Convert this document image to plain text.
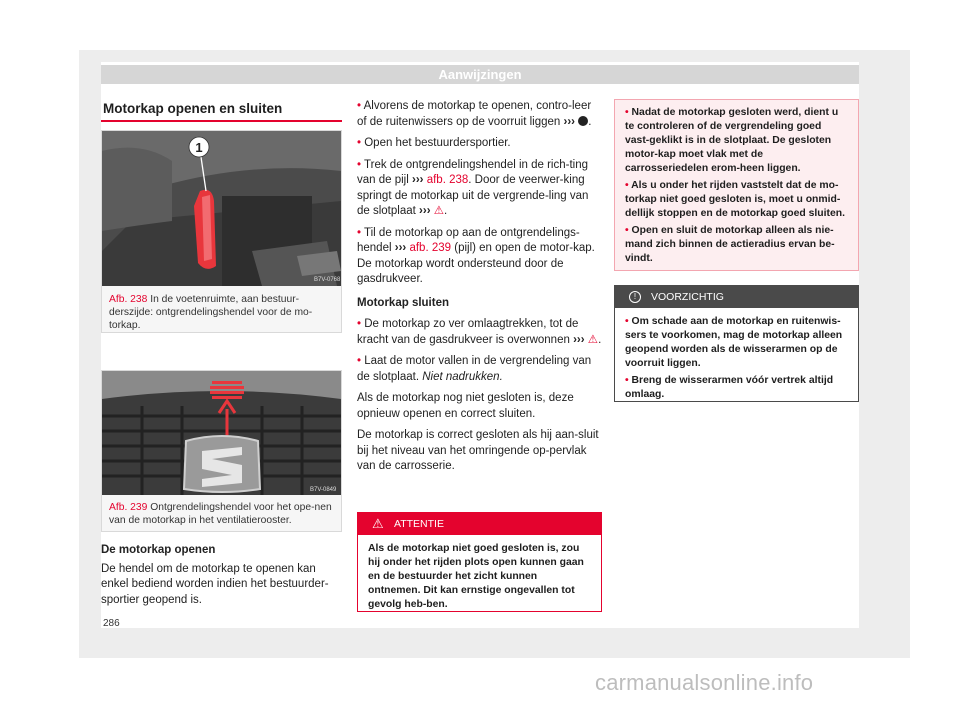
Aanwijzingen
Motorkap openen en sluiten
1
B7V-0768
Afb. 238 In de voetenruimte, aan bestuur-derszijde: ontgrendelingshendel voor de mo-torkap.
B7V-0849
Afb. 239 Ontgrendelingshendel voor het ope-nen van de motorkap in het ventilatierooster.

De motorkap openen

De hendel om de motorkap te openen kan enkel bediend worden indien het bestuurder-sportier geopend is.

• Alvorens de motorkap te openen, contro-leer of de ruitenwissers op de voorruit liggen ››› .

• Open het bestuurdersportier.

• Trek de ontgrendelingshendel in de rich-ting van de pijl ››› afb. 238. Door de veerwer-king springt de motorkap uit de vergrende-ling van de slotplaat ››› ⚠.

• Til de motorkap op aan de ontgrendelings-hendel ››› afb. 239 (pijl) en open de motor-kap. De motorkap wordt ondersteund door de gasdrukveer.

Motorkap sluiten

• De motorkap zo ver omlaagtrekken, tot de kracht van de gasdrukveer is overwonnen ››› ⚠.

• Laat de motor vallen in de vergrendeling van de slotplaat. Niet nadrukken.

Als de motorkap nog niet gesloten is, deze opnieuw openen en correct sluiten.

De motorkap is correct gesloten als hij aan-sluit bij het niveau van het omringende op-pervlak van de carrosserie.

⚠ ATTENTIE

Als de motorkap niet goed gesloten is, zou hij onder het rijden plots open kunnen gaan en de bestuurder het zicht kunnen ontnemen. Dit kan ernstige ongevallen tot gevolg heb-ben.

• Nadat de motorkap gesloten werd, dient u te controleren of de vergrendeling goed vast-geklikt is in de slotplaat. De gesloten motor-kap moet vlak met de carrosseriedelen erom-heen liggen.

• Als u onder het rijden vaststelt dat de mo-torkap niet goed gesloten is, moet u onmid-dellijk stoppen en de motorkap goed sluiten.

• Open en sluit de motorkap alleen als nie-mand zich binnen de actieradius ervan be-vindt.

!	VOORZICHTIG

• Om schade aan de motorkap en ruitenwis-sers te voorkomen, mag de motorkap alleen geopend worden als de wisserarmen op de voorruit liggen.

• Breng de wisserarmen vóór vertrek altijd omlaag.

286
carmanualsonline.info
